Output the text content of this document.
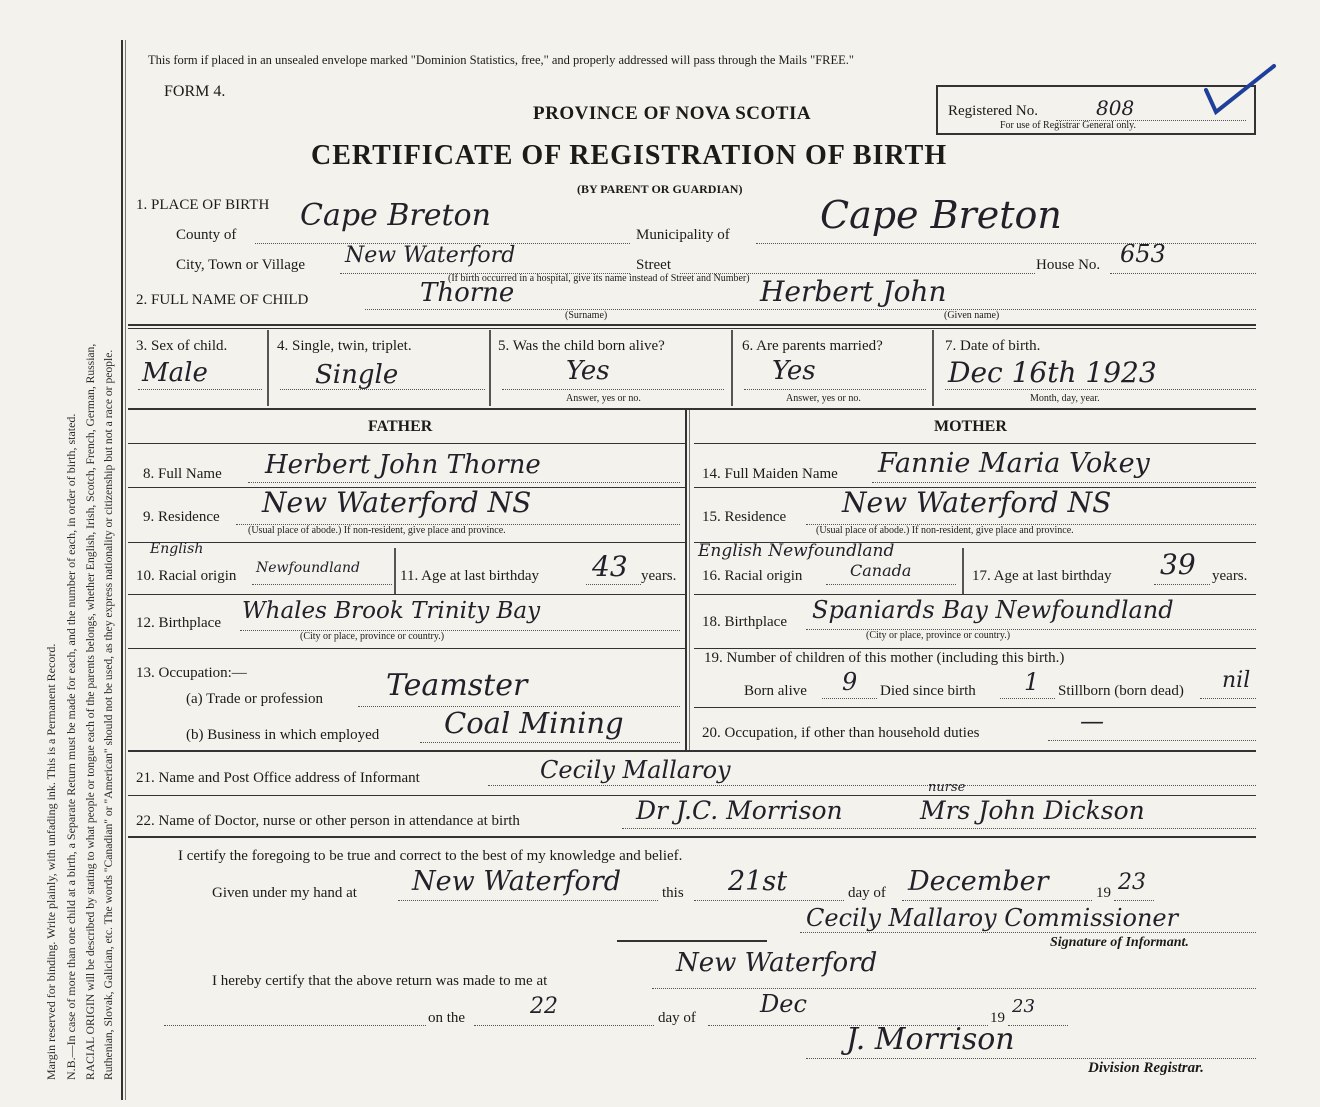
Margin reserved for binding. Write plainly, with unfading ink. This is a Permanent Record. N.B.—In case of more than one child at a birth, a Separate Return must be made for each, and the number of each, in order of birth, stated. RACIAL ORIGIN will be described by stating to what people or tongue each of the parents belongs, whether English, Irish, Scotch, French, German, Russian, Ruthenian, Slovak, Galician, etc. The words "Canadian" or "American" should not be used, as they express nationality or citizenship but not a race or people.
This form if placed in an unsealed envelope marked "Dominion Statistics, free," and properly addressed will pass through the Mails "FREE."
FORM 4.
PROVINCE OF NOVA SCOTIA
CERTIFICATE OF REGISTRATION OF BIRTH
(BY PARENT OR GUARDIAN)
Registered No.	808
For use of Registrar General only.
1. PLACE OF BIRTH
County of
Cape Breton
Municipality of Cape Breton
City, Town or Village New Waterford	Street	House No. 653
(If birth occurred in a hospital, give its name instead of Street and Number)
2. FULL NAME OF CHILD	Thorne	Herbert John
(Surname)	(Given name)
3. Sex of child.
Male
4. Single, twin, triplet.
Single
5. Was the child born alive?
Yes
Answer, yes or no.
6. Are parents married?
Yes
Answer, yes or no.
7. Date of birth.
Dec 16th 1923
Month, day, year.
FATHER	MOTHER
8. Full Name Herbert John Thorne	14. Full Maiden Name Fannie Maria Vokey
9. Residence New Waterford NS
(Usual place of abode.) If non-resident, give place and province.
15. Residence New Waterford NS
(Usual place of abode.) If non-resident, give place and province.
English
10. Racial origin Newfoundland	11. Age at last birthday 43 years.
English Newfoundland
16. Racial origin	Canada	17. Age at last birthday 39 years.
12. Birthplace Whales Brook Trinity Bay
(City or place, province or country.)
18. Birthplace Spaniards Bay Newfoundland
(City or place, province or country.)
13. Occupation:—
(a) Trade or profession Teamster
(b) Business in which employed Coal Mining
19. Number of children of this mother (including this birth.)
Born alive 9 Died since birth 1 Stillborn (born dead) nil
20. Occupation, if other than household duties	—
21. Name and Post Office address of Informant	Cecily Mallaroy
22. Name of Doctor, nurse or other person in attendance at birth	Dr J.C. Morrison
nurse
Mrs John Dickson
I certify the foregoing to be true and correct to the best of my knowledge and belief.
Given under my hand at New Waterford	this 21st	day of December	19 23
Cecily Mallaroy Commissioner
Signature of Informant.
I hereby certify that the above return was made to me at
New Waterford
on the	22	day of	Dec	19
23
J. Morrison
Division Registrar.
